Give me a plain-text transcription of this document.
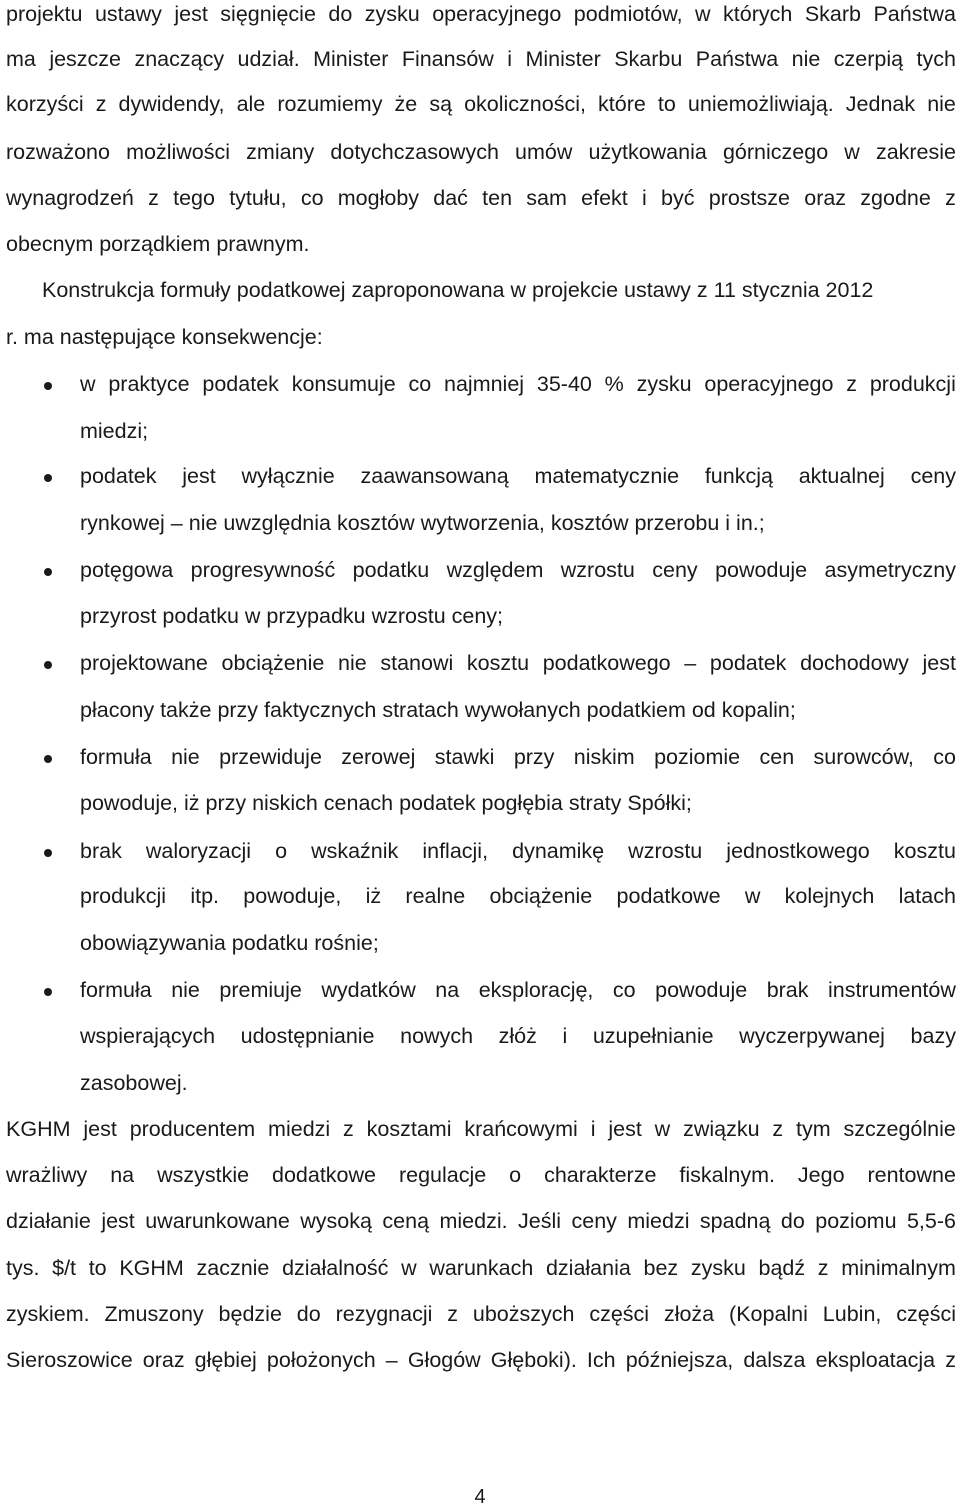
projektu ustawy jest sięgnięcie do zysku operacyjnego podmiotów, w których Skarb Państwa
ma jeszcze znaczący udział. Minister Finansów i Minister Skarbu Państwa nie czerpią tych
korzyści z dywidendy, ale rozumiemy że są okoliczności, które to uniemożliwiają. Jednak nie
rozważono możliwości zmiany dotychczasowych umów użytkowania górniczego w zakresie
wynagrodzeń z tego tytułu, co mogłoby dać ten sam efekt i być prostsze oraz zgodne z
obecnym porządkiem prawnym.
Konstrukcja formuły podatkowej zaproponowana w projekcie ustawy z 11 stycznia 2012
r. ma następujące konsekwencje:
w praktyce podatek konsumuje co najmniej 35-40 % zysku operacyjnego z produkcji
miedzi;
podatek jest wyłącznie zaawansowaną matematycznie funkcją aktualnej ceny
rynkowej – nie uwzględnia kosztów wytworzenia, kosztów przerobu i in.;
potęgowa progresywność podatku względem wzrostu ceny powoduje asymetryczny
przyrost podatku w przypadku wzrostu ceny;
projektowane obciążenie nie stanowi kosztu podatkowego – podatek dochodowy jest
płacony także przy faktycznych stratach wywołanych podatkiem od kopalin;
formuła nie przewiduje zerowej stawki przy niskim poziomie cen surowców, co
powoduje, iż przy niskich cenach podatek pogłębia straty Spółki;
brak waloryzacji o wskaźnik inflacji, dynamikę wzrostu jednostkowego kosztu
produkcji itp. powoduje, iż realne obciążenie podatkowe w kolejnych latach
obowiązywania podatku rośnie;
formuła nie premiuje wydatków na eksplorację, co powoduje brak instrumentów
wspierających udostępnianie nowych złóż i uzupełnianie wyczerpywanej bazy
zasobowej.
KGHM jest producentem miedzi z kosztami krańcowymi i jest w związku z tym szczególnie
wrażliwy na wszystkie dodatkowe regulacje o charakterze fiskalnym. Jego rentowne
działanie jest uwarunkowane wysoką ceną miedzi. Jeśli ceny miedzi spadną do poziomu 5,5-6
tys. $/t to KGHM zacznie działalność w warunkach działania bez zysku bądź z minimalnym
zyskiem. Zmuszony będzie do rezygnacji z uboższych części złoża (Kopalni Lubin, części
Sieroszowice oraz głębiej położonych – Głogów Głęboki). Ich późniejsza, dalsza eksploatacja z
4
